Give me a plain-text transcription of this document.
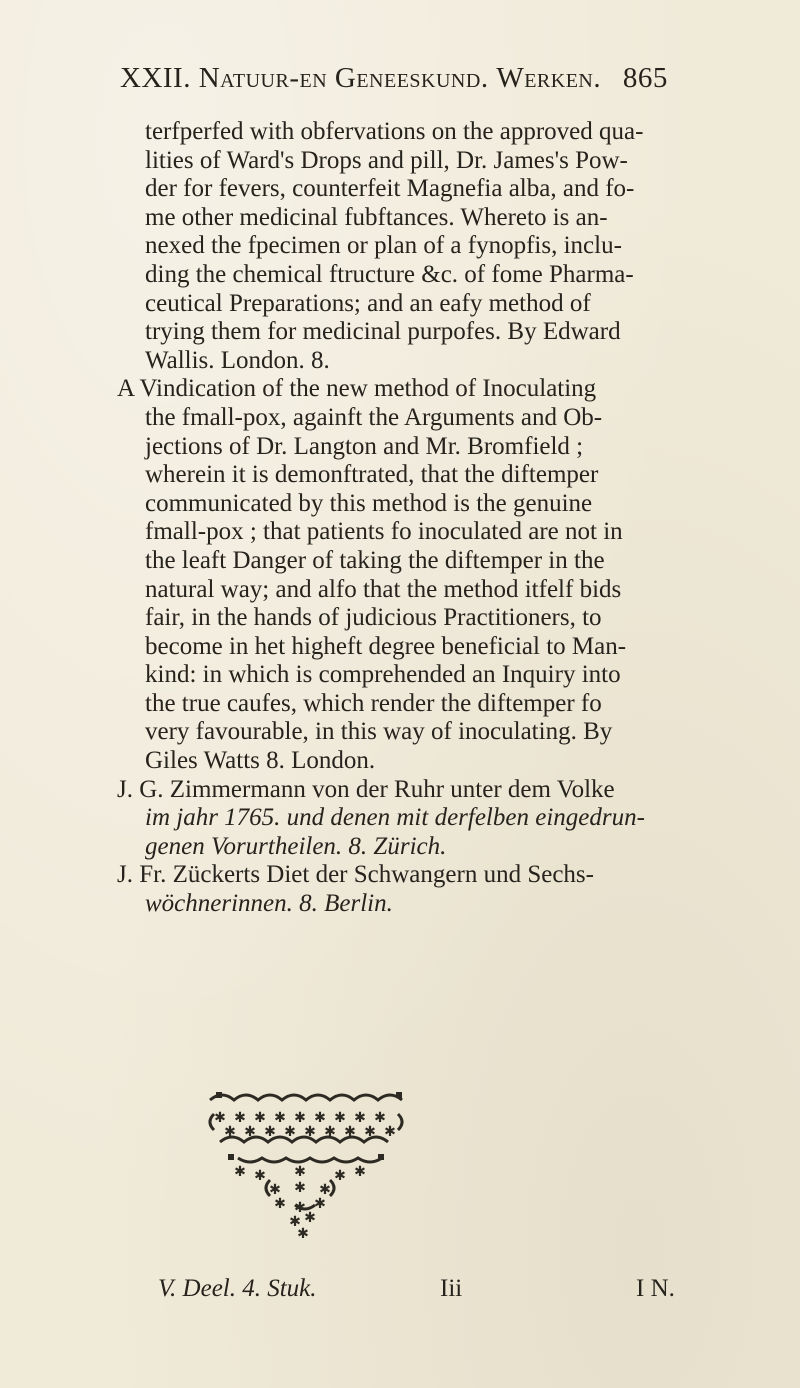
XXII. Natuur-en Geneeskund. Werken. 865
terfperfed with obfervations on the approved qua-
lities of Ward's Drops and pill, Dr. James's Pow-
der for fevers, counterfeit Magnefia alba, and fo-
me other medicinal fubftances. Whereto is an-
nexed the fpecimen or plan of a fynopfis, inclu-
ding the chemical ftructure &c. of fome Pharma-
ceutical Preparations; and an eafy method of
trying them for medicinal purpofes. By Edward
Wallis. London. 8.
A Vindication of the new method of Inoculating
the fmall-pox, againft the Arguments and Ob-
jections of Dr. Langton and Mr. Bromfield ;
wherein it is demonftrated, that the diftemper
communicated by this method is the genuine
fmall-pox ; that patients fo inoculated are not in
the leaft Danger of taking the diftemper in the
natural way; and alfo that the method itfelf bids
fair, in the hands of judicious Practitioners, to
become in het higheft degree beneficial to Man-
kind: in which is comprehended an Inquiry into
the true caufes, which render the diftemper fo
very favourable, in this way of inoculating. By
Giles Watts 8. London.
J. G. Zimmermann von der Ruhr unter dem Volke
im jahr 1765. und denen mit derfelben eingedrun-
genen Vorurtheilen. 8. Zürich.
J. Fr. Zückerts Diet der Schwangern und Sechs-
wöchnerinnen. 8. Berlin.
✱ ✱ ✱ ✱ ✱ ✱ ✱ ✱ ✱
✱ ✱ ✱ ✱ ✱ ✱ ✱ ✱ ✱
✱ ✱ ✱ ✱ ✱
✱ ✱ ✱
✱ ✱ ✱
✱ ✱
✱
V. Deel. 4. Stuk.	Iii	I N.
